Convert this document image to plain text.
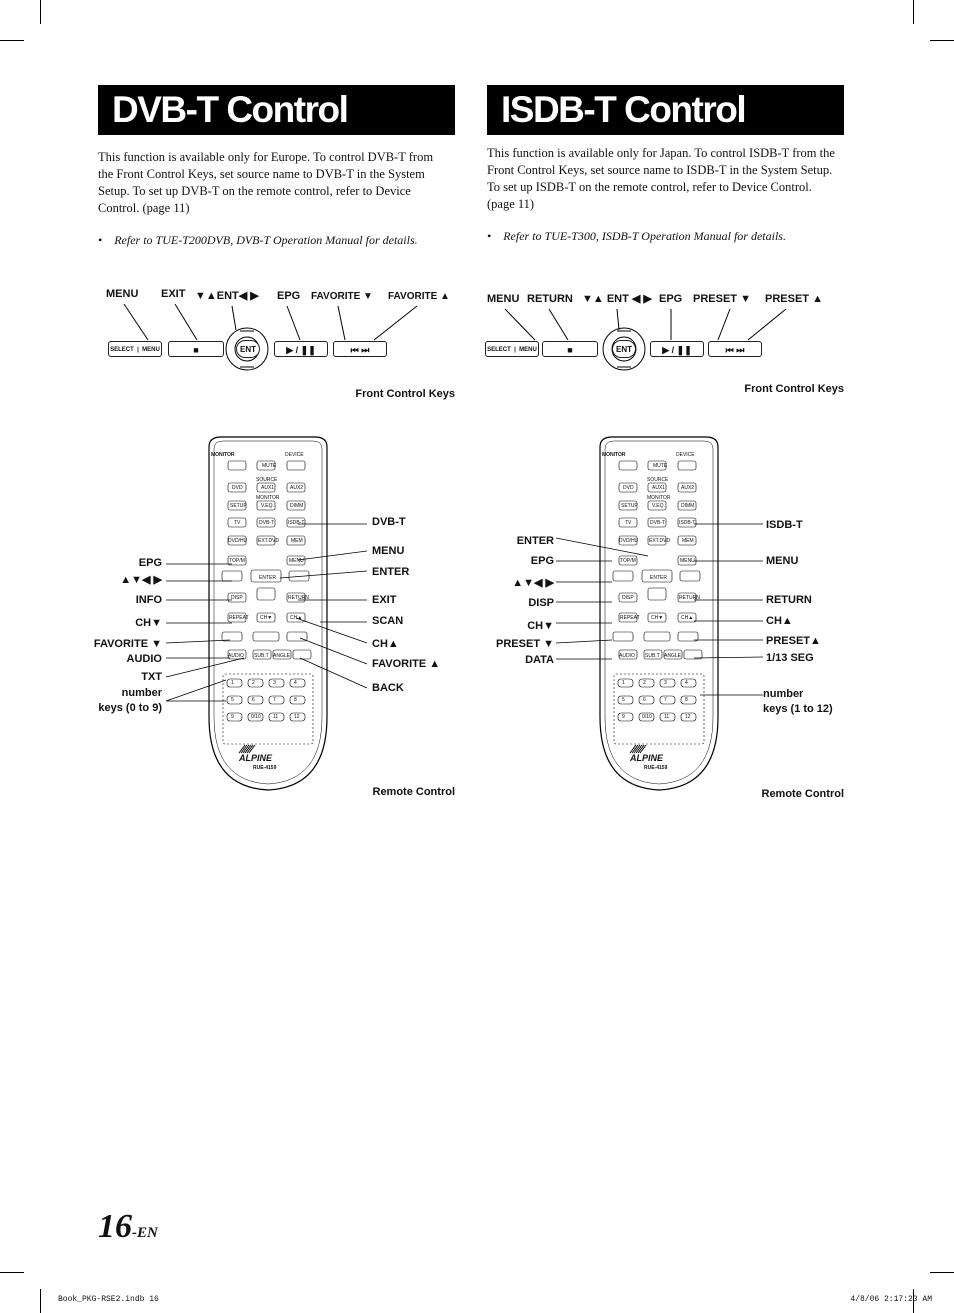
DVB-T Control	ISDB-T Control
This function is available only for Europe. To control DVB-T from the Front Control Keys, set source name to DVB-T in the System Setup. To set up DVB-T on the remote control, refer to Device Control. (page 11)
This function is available only for Japan. To control ISDB-T from the Front Control Keys, set source name to ISDB-T in the System Setup. To set up ISDB-T on the remote control, refer to Device Control. (page 11)
•    Refer to TUE-T200DVB, DVB-T Operation Manual for details.	•    Refer to TUE-T300, ISDB-T Operation Manual for details.
MENU EXIT ▼▲ENT◀ ▶ EPG FAVORITE ▼ FAVORITE ▲	MENU RETURN ▼▲ ENT ◀ ▶ EPG PRESET ▼ PRESET ▲
SELECT  |  MENU	■	ENT	▶ / ❚❚	⏮ ⏭	SELECT  |  MENU	■	ENT	▶ / ❚❚	⏮ ⏭
Front Control Keys	Front Control Keys
MONITOR	DEVICE
MUTE
SOURCE
DVD	AUX1	AUX2
MONITOR
SETUP	V.EQ.	DIMM
TV	DVB-T	ISDB-T
DVD/HU EXT.DVD MEM
TOP/M	MENU
ENTER
DISP	RETURN
REPEAT CH▼	CH▲
AUDIO SUB.T ANGLE
ALPINE
RUE-4159
1	2	3	4
5	6	7	8
9	0/10 11	12
MONITOR	DEVICE
MUTE
SOURCE
DVD	AUX1	AUX2
MONITOR
SETUP	V.EQ.	DIMM
TV	DVB-T	ISDB-T
DVD/HU EXT.DVD MEM
TOP/M	MENU
ENTER
DISP	RETURN
REPEAT CH▼	CH▲
AUDIO SUB.T ANGLE
ALPINE
RUE-4159
1	2	3	4
5	6	7	8
9	0/10 11	12
EPG
▲▼◀ ▶
INFO
CH▼
FAVORITE ▼
AUDIO
TXT
number
keys (0 to 9)
DVB-T
MENU
ENTER
EXIT
SCAN
CH▲
FAVORITE ▲
BACK
ENTER
EPG
▲▼◀ ▶
DISP
CH▼
PRESET ▼
DATA
ISDB-T
MENU
RETURN
CH▲
PRESET▲
1/13 SEG
number
keys (1 to 12)
Remote Control	Remote Control
16-EN
Book_PKG-RSE2.indb 16	4/8/06 2:17:23 AM
